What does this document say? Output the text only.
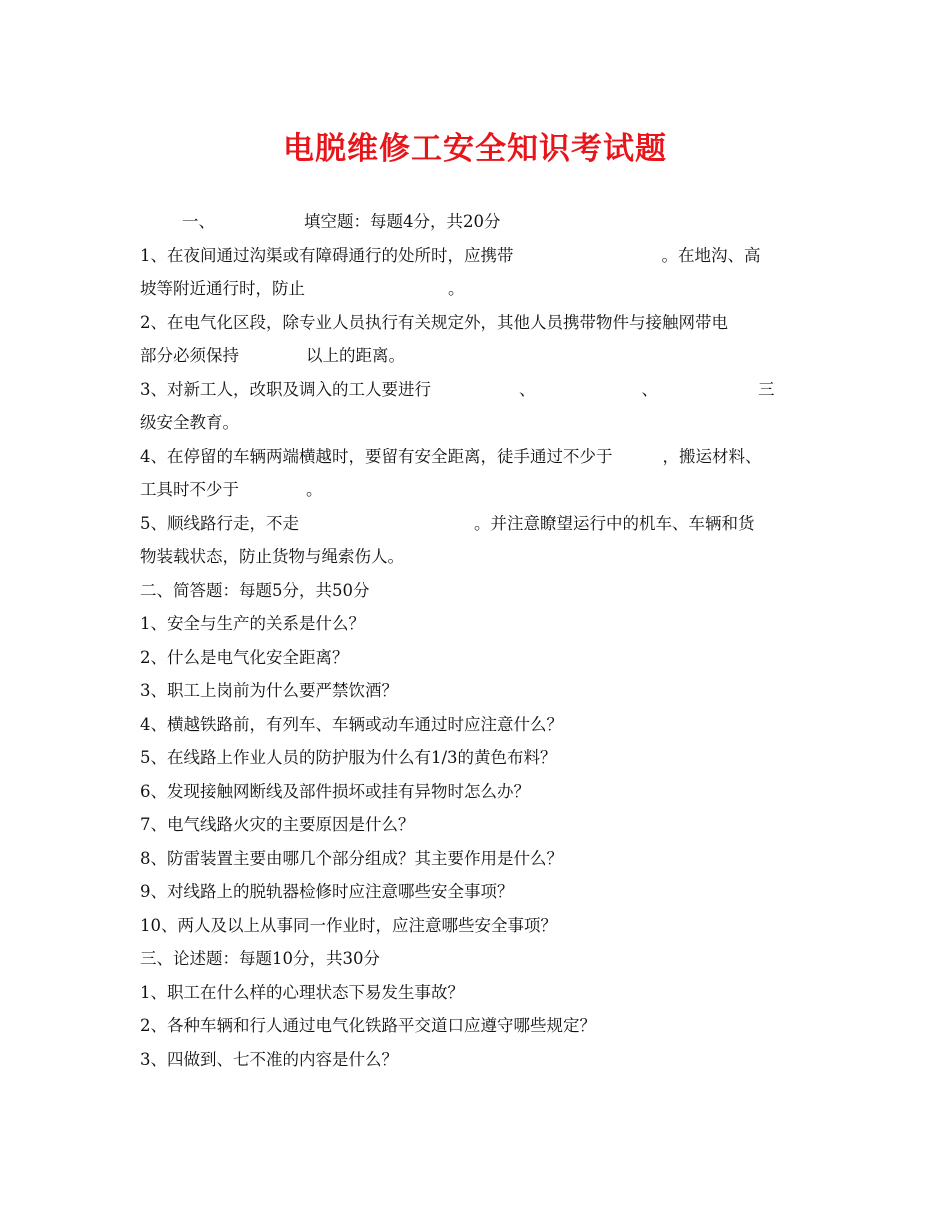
电脱维修工安全知识考试题
一、	填空题：每题4分，共20分
1、在夜间通过沟渠或有障碍通行的处所时，应携带	。在地沟、高
坡等附近通行时，防止	。
2、在电气化区段，除专业人员执行有关规定外，其他人员携带物件与接触网带电
部分必须保持	以上的距离。
3、对新工人，改职及调入的工人要进行	、	、	三
级安全教育。
4、在停留的车辆两端横越时，要留有安全距离，徒手通过不少于	，搬运材料、
工具时不少于	。
5、顺线路行走，不走	。并注意瞭望运行中的机车、车辆和货
物装载状态，防止货物与绳索伤人。
二、简答题：每题5分，共50分
1、安全与生产的关系是什么？
2、什么是电气化安全距离？
3、职工上岗前为什么要严禁饮酒？
4、横越铁路前，有列车、车辆或动车通过时应注意什么？
5、在线路上作业人员的防护服为什么有1/3的黄色布料？
6、发现接触网断线及部件损坏或挂有异物时怎么办？
7、电气线路火灾的主要原因是什么？
8、防雷装置主要由哪几个部分组成？其主要作用是什么？
9、对线路上的脱轨器检修时应注意哪些安全事项？
10、两人及以上从事同一作业时，应注意哪些安全事项？
三、论述题：每题10分，共30分
1、职工在什么样的心理状态下易发生事故？
2、各种车辆和行人通过电气化铁路平交道口应遵守哪些规定？
3、四做到、七不准的内容是什么？
